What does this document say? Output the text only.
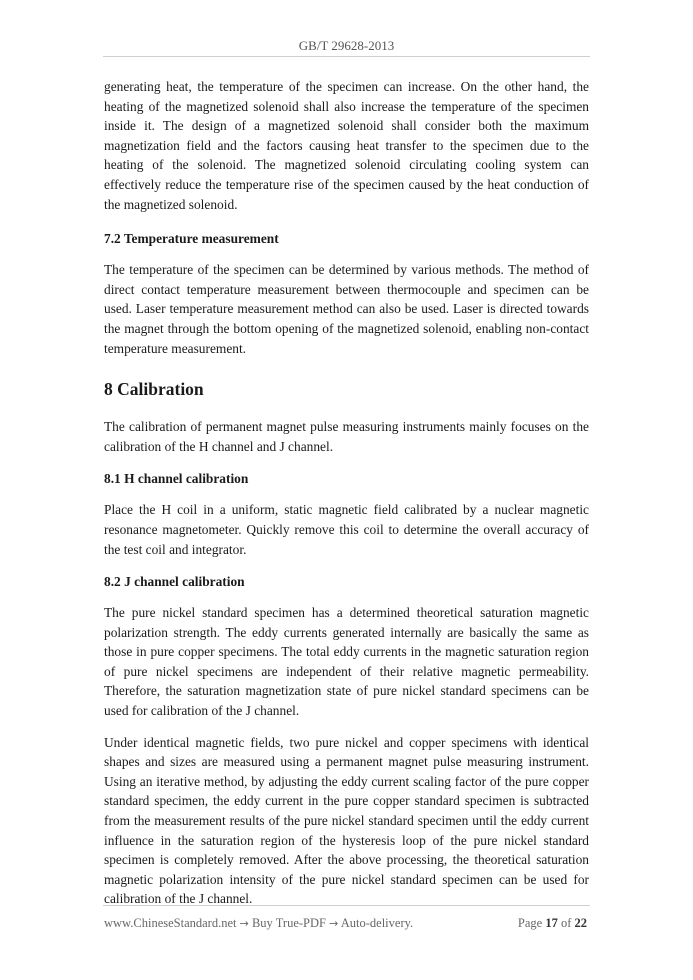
GB/T 29628-2013

generating heat, the temperature of the specimen can increase. On the other hand, the heating of the magnetized solenoid shall also increase the temperature of the specimen inside it. The design of a magnetized solenoid shall consider both the maximum magnetization field and the factors causing heat transfer to the specimen due to the heating of the solenoid. The magnetized solenoid circulating cooling system can effectively reduce the temperature rise of the specimen caused by the heat conduction of the magnetized solenoid.

7.2 Temperature measurement

The temperature of the specimen can be determined by various methods. The method of direct contact temperature measurement between thermocouple and specimen can be used. Laser temperature measurement method can also be used. Laser is directed towards the magnet through the bottom opening of the magnetized solenoid, enabling non-contact temperature measurement.

8 Calibration

The calibration of permanent magnet pulse measuring instruments mainly focuses on the calibration of the H channel and J channel.

8.1 H channel calibration

Place the H coil in a uniform, static magnetic field calibrated by a nuclear magnetic resonance magnetometer. Quickly remove this coil to determine the overall accuracy of the test coil and integrator.

8.2 J channel calibration

The pure nickel standard specimen has a determined theoretical saturation magnetic polarization strength. The eddy currents generated internally are basically the same as those in pure copper specimens. The total eddy currents in the magnetic saturation region of pure nickel specimens are independent of their relative magnetic permeability. Therefore, the saturation magnetization state of pure nickel standard specimens can be used for calibration of the J channel.

Under identical magnetic fields, two pure nickel and copper specimens with identical shapes and sizes are measured using a permanent magnet pulse measuring instrument. Using an iterative method, by adjusting the eddy current scaling factor of the pure copper standard specimen, the eddy current in the pure copper standard specimen is subtracted from the measurement results of the pure nickel standard specimen until the eddy current influence in the saturation region of the hysteresis loop of the pure nickel standard specimen is completely removed. After the above processing, the theoretical saturation magnetic polarization intensity of the pure nickel standard specimen can be used for calibration of the J channel.

www.ChineseStandard.net → Buy True-PDF → Auto-delivery.	Page 17 of 22
